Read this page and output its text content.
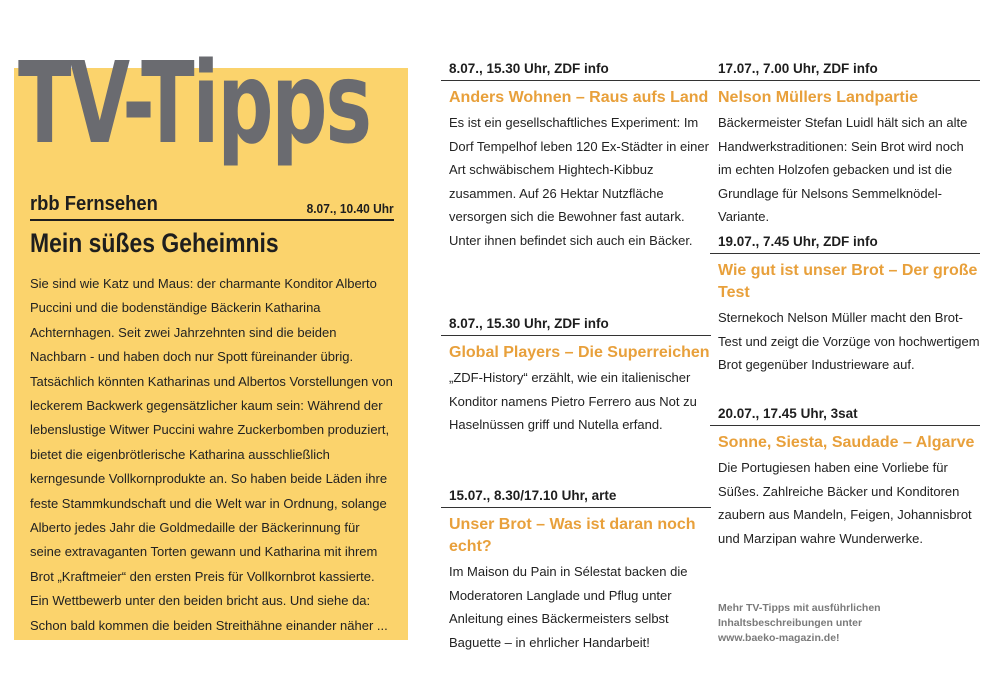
TV-Tipps
rbb Fernsehen	8.07., 10.40 Uhr
Mein süßes Geheimnis

Sie sind wie Katz und Maus: der charmante Konditor Alberto Puccini und die bodenständige Bäckerin Katharina Achternhagen. Seit zwei Jahrzehnten sind die beiden Nachbarn - und haben doch nur Spott füreinander übrig. Tatsächlich könnten Katharinas und Albertos Vorstellungen von leckerem Backwerk gegensätzlicher kaum sein: Während der lebenslustige Witwer Puccini wahre Zuckerbomben produziert, bietet die eigenbrötlerische Katharina ausschließlich kerngesunde Vollkornprodukte an. So haben beide Läden ihre feste Stammkundschaft und die Welt war in Ordnung, solange Alberto jedes Jahr die Goldmedaille der Bäckerinnung für seine extravaganten Torten gewann und Katharina mit ihrem Brot „Kraftmeier“ den ersten Preis für Vollkornbrot kassierte. Ein Wettbewerb unter den beiden bricht aus. Und siehe da: Schon bald kommen die beiden Streithähne einander näher ...

8.07., 15.30 Uhr, ZDF info
Anders Wohnen – Raus aufs Land

Es ist ein gesellschaftliches Experiment: Im Dorf Tempelhof leben 120 Ex-Städter in einer Art schwäbischem Hightech-Kibbuz zusammen. Auf 26 Hektar Nutzfläche versorgen sich die Bewohner fast autark. Unter ihnen befindet sich auch ein Bäcker.

8.07., 15.30 Uhr, ZDF info
Global Players – Die Superreichen

„ZDF-History“ erzählt, wie ein italienischer Konditor namens Pietro Ferrero aus Not zu Haselnüssen griff und Nutella erfand.

15.07., 8.30/17.10 Uhr, arte
Unser Brot – Was ist daran noch echt?

Im Maison du Pain in Sélestat backen die Moderatoren Langlade und Pflug unter Anleitung eines Bäckermeisters selbst Baguette – in ehrlicher Handarbeit!

17.07., 7.00 Uhr, ZDF info
Nelson Müllers Landpartie

Bäckermeister Stefan Luidl hält sich an alte Handwerkstraditionen: Sein Brot wird noch im echten Holzofen gebacken und ist die Grundlage für Nelsons Semmelknödel-Variante.

19.07., 7.45 Uhr, ZDF info
Wie gut ist unser Brot – Der große Test

Sternekoch Nelson Müller macht den Brot-Test und zeigt die Vorzüge von hochwertigem Brot gegenüber Industrieware auf.

20.07., 17.45 Uhr, 3sat
Sonne, Siesta, Saudade – Algarve

Die Portugiesen haben eine Vorliebe für Süßes. Zahlreiche Bäcker und Konditoren zaubern aus Mandeln, Feigen, Johannisbrot und Marzipan wahre Wunderwerke.

Mehr TV-Tipps mit ausführlichen
Inhaltsbeschreibungen unter
www.baeko-magazin.de!
